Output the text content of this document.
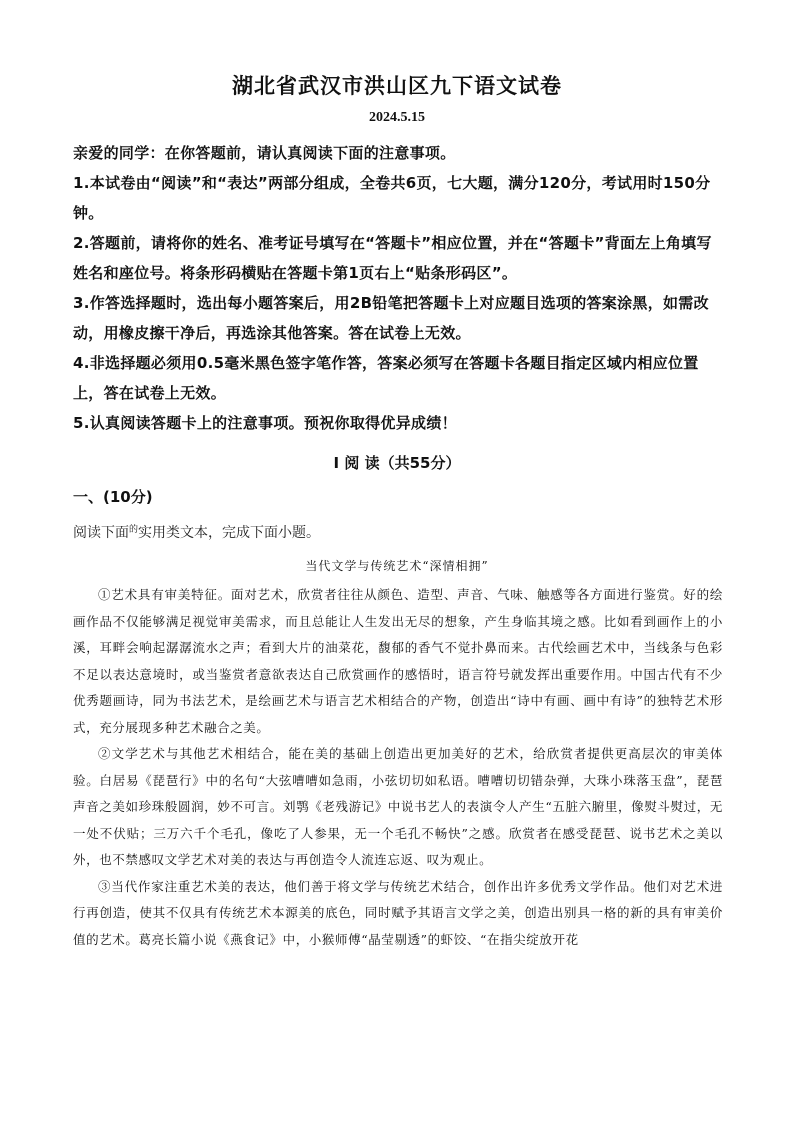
湖北省武汉市洪山区九下语文试卷
2024.5.15

亲爱的同学：在你答题前，请认真阅读下面的注意事项。

1.本试卷由“阅读”和“表达”两部分组成，全卷共6页，七大题，满分120分，考试用时150分钟。

2.答题前，请将你的姓名、准考证号填写在“答题卡”相应位置，并在“答题卡”背面左上角填写姓名和座位号。将条形码横贴在答题卡第1页右上“贴条形码区”。

3.作答选择题时，选出每小题答案后，用2B铅笔把答题卡上对应题目选项的答案涂黑，如需改动，用橡皮擦干净后，再选涂其他答案。答在试卷上无效。

4.非选择题必须用0.5毫米黑色签字笔作答，答案必须写在答题卡各题目指定区域内相应位置上，答在试卷上无效。

5.认真阅读答题卡上的注意事项。预祝你取得优异成绩！

Ⅰ 阅 读（共55分）
一、(10分)
阅读下面$^的$实用类文本，完成下面小题。
当代文学与传统艺术“深情相拥”

①艺术具有审美特征。面对艺术，欣赏者往往从颜色、造型、声音、气味、触感等各方面进行鉴赏。好的绘画作品不仅能够满足视觉审美需求，而且总能让人生发出无尽的想象，产生身临其境之感。比如看到画作上的小溪，耳畔会响起潺潺流水之声；看到大片的油菜花，馥郁的香气不觉扑鼻而来。古代绘画艺术中，当线条与色彩不足以表达意境时，或当鉴赏者意欲表达自己欣赏画作的感悟时，语言符号就发挥出重要作用。中国古代有不少优秀题画诗，同为书法艺术，是绘画艺术与语言艺术相结合的产物，创造出“诗中有画、画中有诗”的独特艺术形式，充分展现多种艺术融合之美。

②文学艺术与其他艺术相结合，能在美的基础上创造出更加美好的艺术，给欣赏者提供更高层次的审美体验。白居易《琵琶行》中的名句“大弦嘈嘈如急雨，小弦切切如私语。嘈嘈切切错杂弹，大珠小珠落玉盘”，琵琶声音之美如珍珠般圆润，妙不可言。刘鹗《老残游记》中说书艺人的表演令人产生“五脏六腑里，像熨斗熨过，无一处不伏贴；三万六千个毛孔，像吃了人参果，无一个毛孔不畅快”之感。欣赏者在感受琵琶、说书艺术之美以外，也不禁感叹文学艺术对美的表达与再创造令人流连忘返、叹为观止。

③当代作家注重艺术美的表达，他们善于将文学与传统艺术结合，创作出许多优秀文学作品。他们对艺术进行再创造，使其不仅具有传统艺术本源美的底色，同时赋予其语言文学之美，创造出别具一格的新的具有审美价值的艺术。葛亮长篇小说《燕食记》中，小猴师傅“晶莹剔透”的虾饺、“在指尖绽放开花
